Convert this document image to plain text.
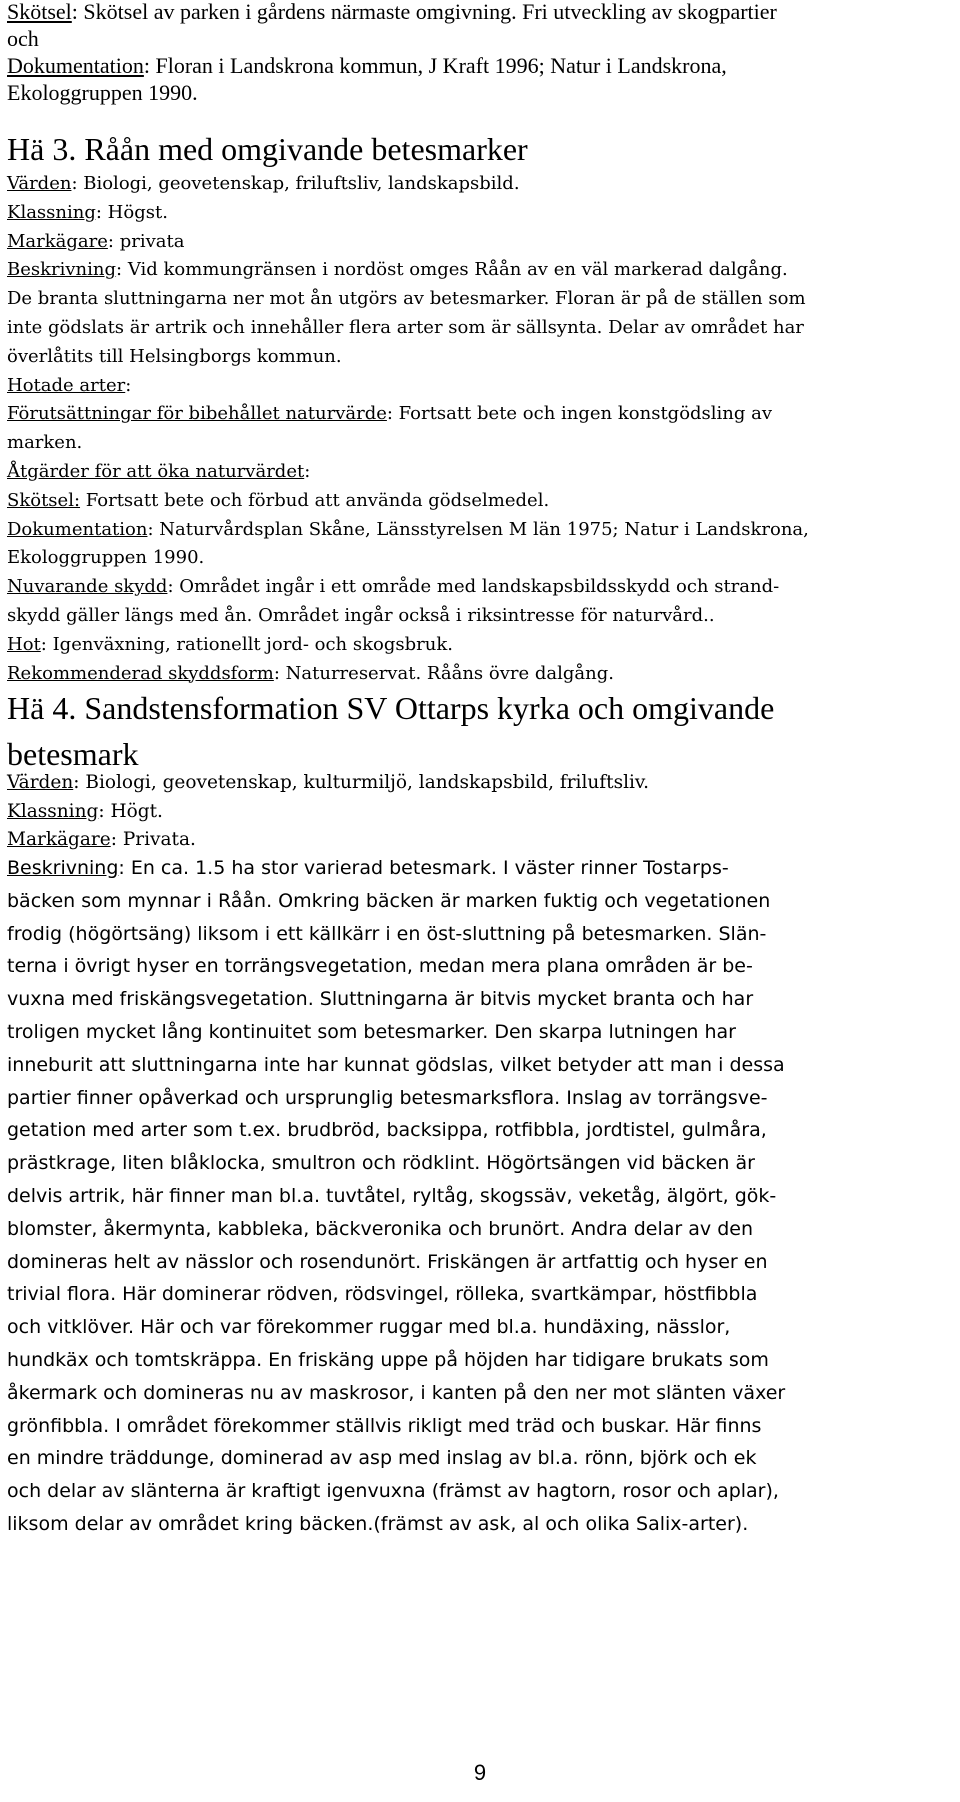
Skötsel: Skötsel av parken i gårdens närmaste omgivning. Fri utveckling av skogpartier
och
Dokumentation: Floran i Landskrona kommun, J Kraft 1996; Natur i Landskrona,
Ekologgruppen 1990.
Hä 3. Råån med omgivande betesmarker
Värden: Biologi, geovetenskap, friluftsliv, landskapsbild.
Klassning: Högst.
Markägare: privata
Beskrivning: Vid kommungränsen i nordöst omges Råån av en väl markerad dalgång.
De branta sluttningarna ner mot ån utgörs av betesmarker. Floran är på de ställen som
inte gödslats är artrik och innehåller flera arter som är sällsynta. Delar av området har
överlåtits till Helsingborgs kommun.
Hotade arter:
Förutsättningar för bibehållet naturvärde: Fortsatt bete och ingen konstgödsling av
marken.
Åtgärder för att öka naturvärdet:
Skötsel: Fortsatt bete och förbud att använda gödselmedel.
Dokumentation: Naturvårdsplan Skåne, Länsstyrelsen M län 1975; Natur i Landskrona,
Ekologgruppen 1990.
Nuvarande skydd: Området ingår i ett område med landskapsbildsskydd och strand-
skydd gäller längs med ån. Området ingår också i riksintresse för naturvård..
Hot: Igenväxning, rationellt jord- och skogsbruk.
Rekommenderad skyddsform: Naturreservat. Rååns övre dalgång.
Hä 4. Sandstensformation SV Ottarps kyrka och omgivande
betesmark
Värden: Biologi, geovetenskap, kulturmiljö, landskapsbild, friluftsliv.
Klassning: Högt.
Markägare: Privata.
Beskrivning: En ca. 1.5 ha stor varierad betesmark. I väster rinner Tostarps-
bäcken som mynnar i Råån. Omkring bäcken är marken fuktig och vegetationen
frodig (högörtsäng) liksom i ett källkärr i en öst-sluttning på betesmarken. Slän-
terna i övrigt hyser en torrängsvegetation, medan mera plana områden är be-
vuxna med friskängsvegetation. Sluttningarna är bitvis mycket branta och har
troligen mycket lång kontinuitet som betesmarker. Den skarpa lutningen har
inneburit att sluttningarna inte har kunnat gödslas, vilket betyder att man i dessa
partier finner opåverkad och ursprunglig betesmarksflora. Inslag av torrängsve-
getation med arter som t.ex. brudbröd, backsippa, rotfibbla, jordtistel, gulmåra,
prästkrage, liten blåklocka, smultron och rödklint. Högörtsängen vid bäcken är
delvis artrik, här finner man bl.a. tuvtåtel, ryltåg, skogssäv, veketåg, älgört, gök-
blomster, åkermynta, kabbleka, bäckveronika och brunört. Andra delar av den
domineras helt av nässlor och rosendunört. Friskängen är artfattig och hyser en
trivial flora. Här dominerar rödven, rödsvingel, rölleka, svartkämpar, höstfibbla
och vitklöver. Här och var förekommer ruggar med bl.a. hundäxing, nässlor,
hundkäx och tomtskräppa. En friskäng uppe på höjden har tidigare brukats som
åkermark och domineras nu av maskrosor, i kanten på den ner mot slänten växer
grönfibbla. I området förekommer ställvis rikligt med träd och buskar. Här finns
en mindre träddunge, dominerad av asp med inslag av bl.a. rönn, björk och ek
och delar av slänterna är kraftigt igenvuxna (främst av hagtorn, rosor och aplar),
liksom delar av området kring bäcken.(främst av ask, al och olika Salix-arter).
9
